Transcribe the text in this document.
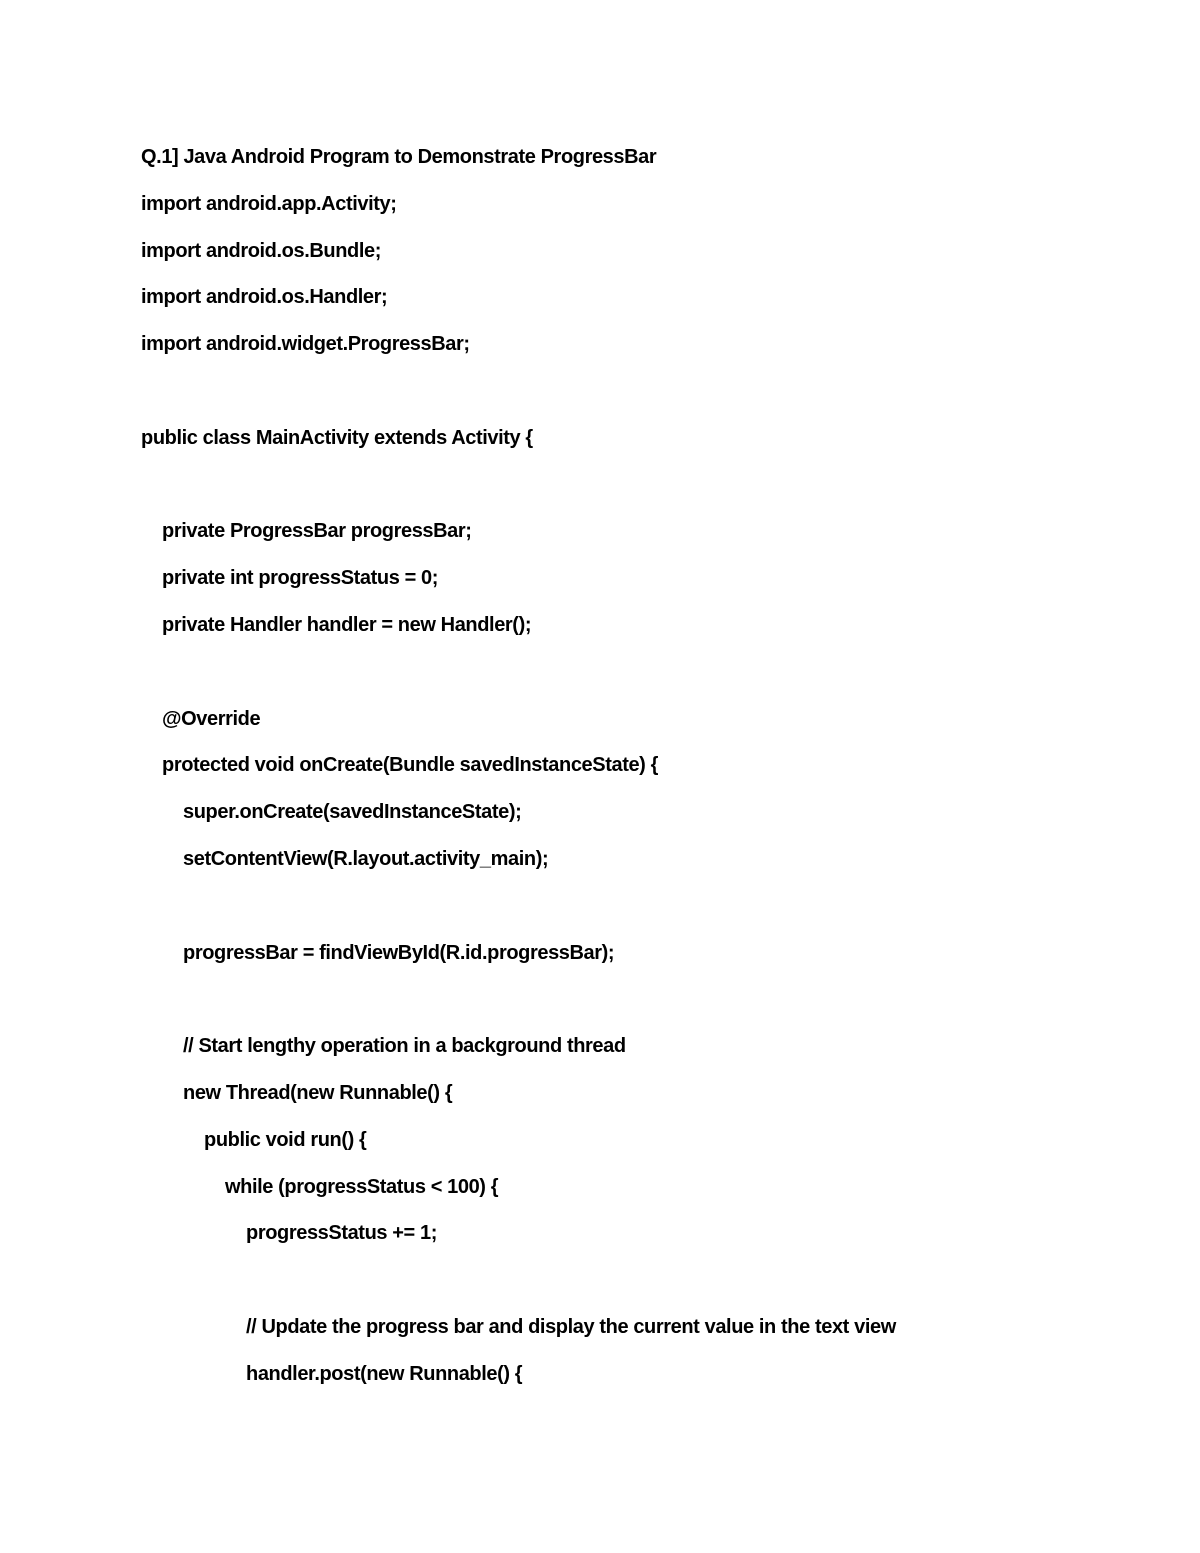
Q.1] Java Android Program to Demonstrate ProgressBar
import android.app.Activity;
import android.os.Bundle;
import android.os.Handler;
import android.widget.ProgressBar;
public class MainActivity extends Activity {
private ProgressBar progressBar;
private int progressStatus = 0;
private Handler handler = new Handler();
@Override
protected void onCreate(Bundle savedInstanceState) {
super.onCreate(savedInstanceState);
setContentView(R.layout.activity_main);
progressBar = findViewById(R.id.progressBar);
// Start lengthy operation in a background thread
new Thread(new Runnable() {
public void run() {
while (progressStatus < 100) {
progressStatus += 1;
// Update the progress bar and display the current value in the text view
handler.post(new Runnable() {
